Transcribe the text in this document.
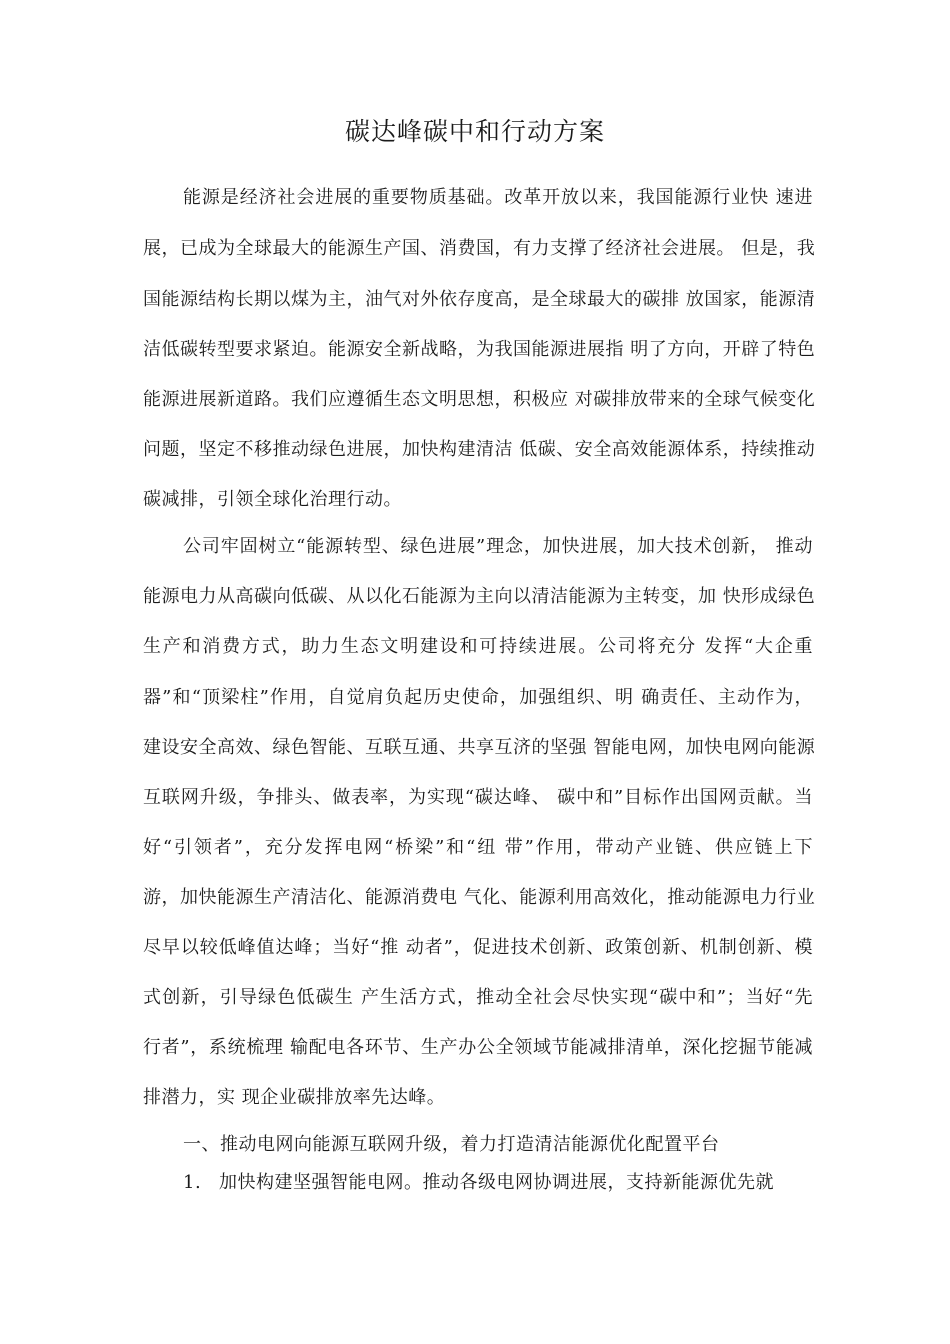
碳达峰碳中和行动方案
能源是经济社会进展的重要物质基础。改革开放以来，我国能源行业快 速进
展，已成为全球最大的能源生产国、消费国，有力支撑了经济社会进展。 但是，我
国能源结构长期以煤为主，油气对外依存度高，是全球最大的碳排 放国家，能源清
洁低碳转型要求紧迫。能源安全新战略，为我国能源进展指 明了方向，开辟了特色
能源进展新道路。我们应遵循生态文明思想，积极应 对碳排放带来的全球气候变化
问题，坚定不移推动绿色进展，加快构建清洁 低碳、安全高效能源体系，持续推动
碳减排，引领全球化治理行动。
公司牢固树立“能源转型、绿色进展”理念，加快进展，加大技术创新， 推动
能源电力从高碳向低碳、从以化石能源为主向以清洁能源为主转变，加 快形成绿色
生产和消费方式，助力生态文明建设和可持续进展。公司将充分 发挥“大企重
器”和“顶梁柱”作用，自觉肩负起历史使命，加强组织、明 确责任、主动作为，
建设安全高效、绿色智能、互联互通、共享互济的坚强 智能电网，加快电网向能源
互联网升级，争排头、做表率，为实现“碳达峰、 碳中和”目标作出国网贡献。当
好“引领者”，充分发挥电网“桥梁”和“纽 带”作用，带动产业链、供应链上下
游，加快能源生产清洁化、能源消费电 气化、能源利用高效化，推动能源电力行业
尽早以较低峰值达峰；当好“推 动者”，促进技术创新、政策创新、机制创新、模
式创新，引导绿色低碳生 产生活方式，推动全社会尽快实现“碳中和”；当好“先
行者”，系统梳理 输配电各环节、生产办公全领域节能减排清单，深化挖掘节能减
排潜力，实 现企业碳排放率先达峰。
一、推动电网向能源互联网升级，着力打造清洁能源优化配置平台
1. 加快构建坚强智能电网。推动各级电网协调进展，支持新能源优先就
